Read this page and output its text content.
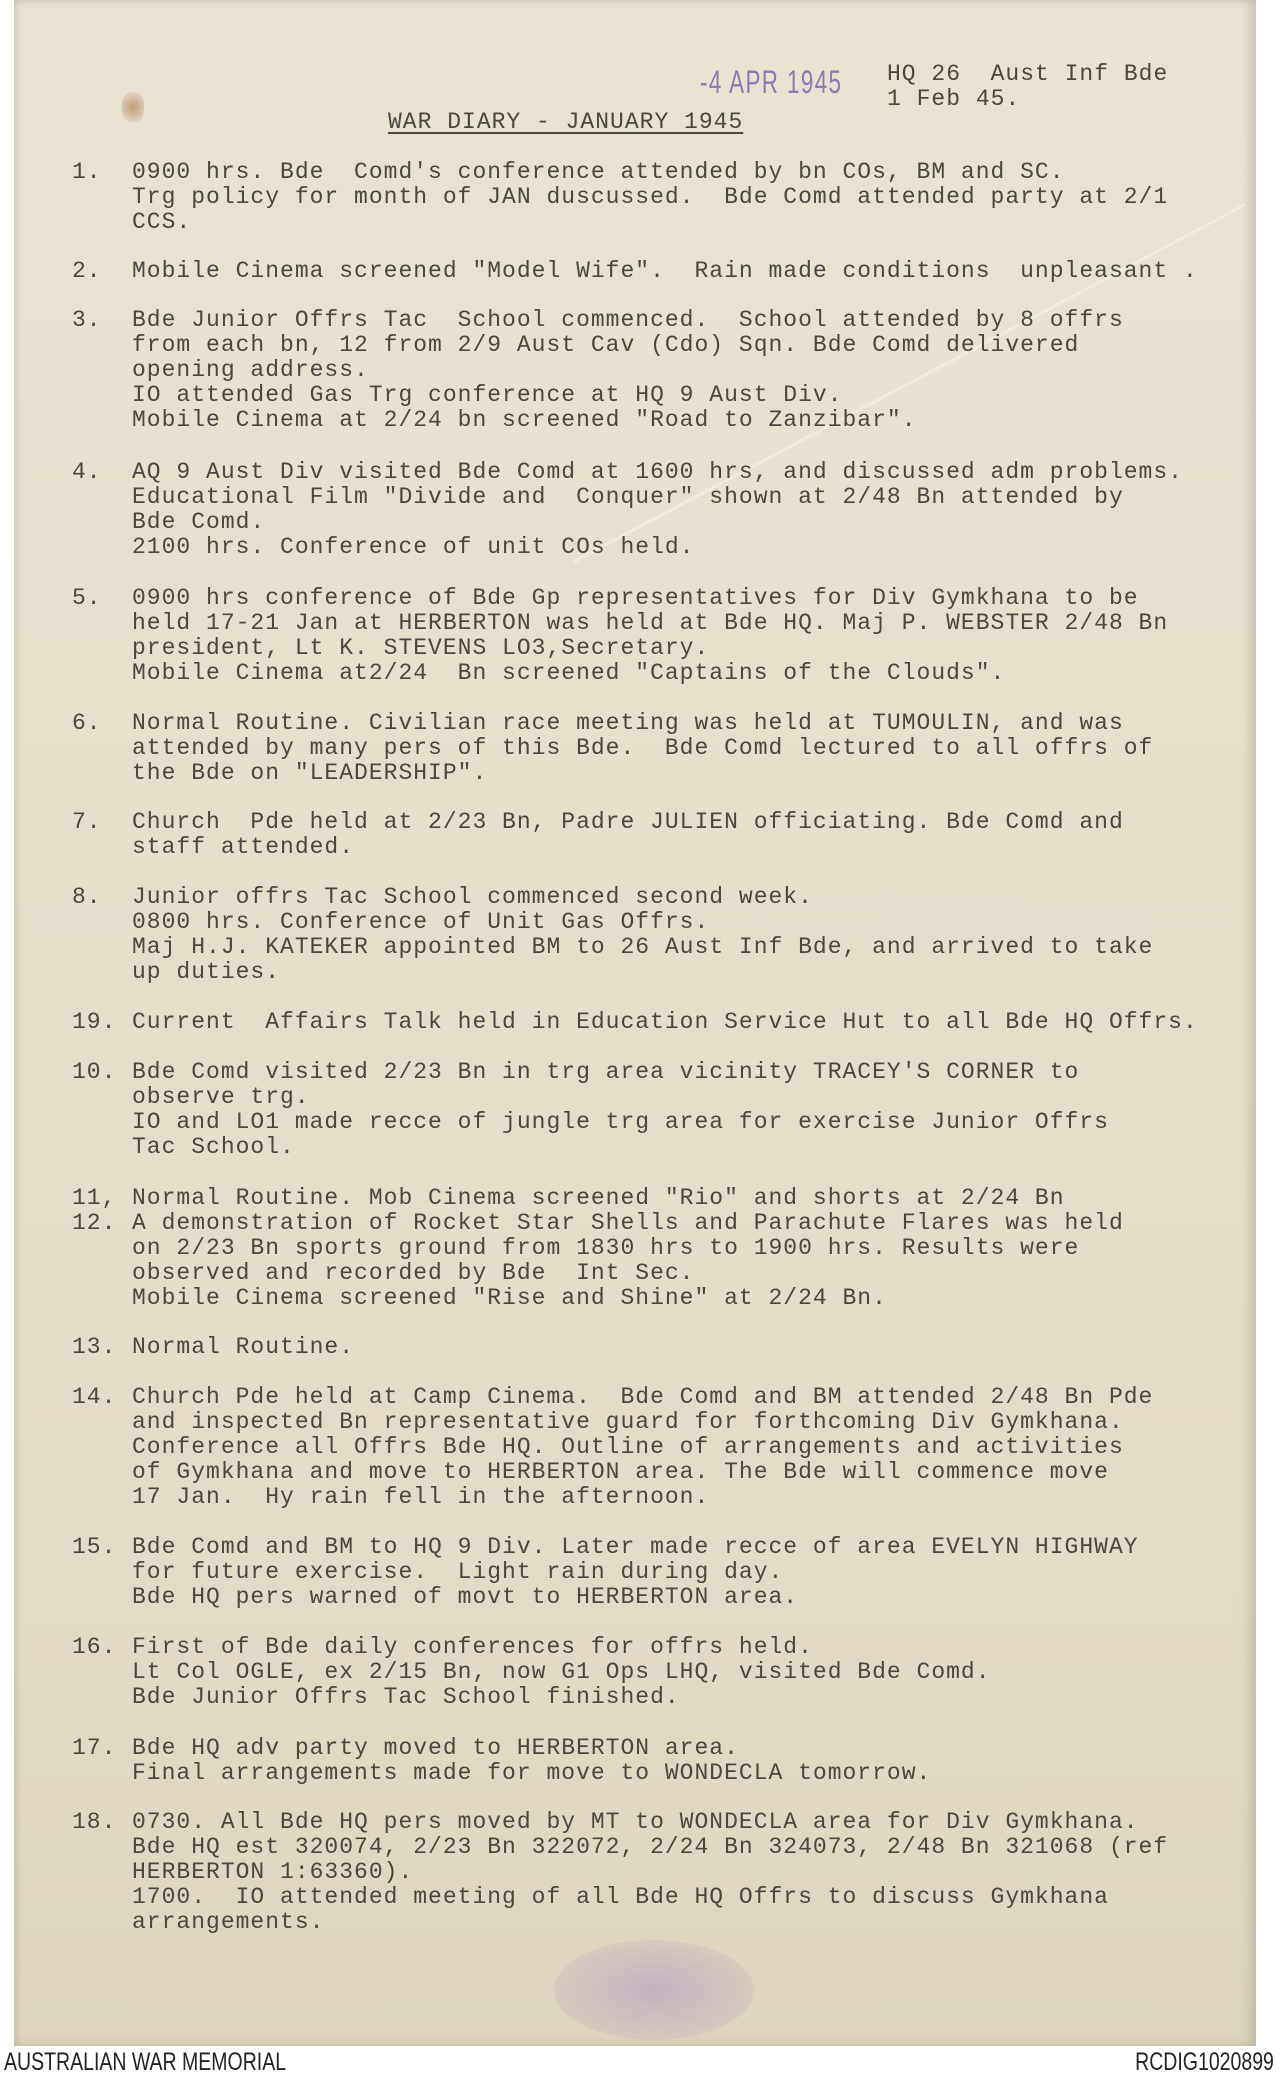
-4 APR 1945 HQ 26  Aust Inf Bde
1 Feb 45.
WAR DIARY - JANUARY 1945
1. 0900 hrs. Bde  Comd's conference attended by bn COs, BM and SC.
Trg policy for month of JAN duscussed.  Bde Comd attended party at 2/1
CCS.
2. Mobile Cinema screened "Model Wife".  Rain made conditions  unpleasant .
3. Bde Junior Offrs Tac  School commenced.  School attended by 8 offrs
from each bn, 12 from 2/9 Aust Cav (Cdo) Sqn. Bde Comd delivered
opening address.
IO attended Gas Trg conference at HQ 9 Aust Div.
Mobile Cinema at 2/24 bn screened "Road to Zanzibar".
4. AQ 9 Aust Div visited Bde Comd at 1600 hrs, and discussed adm problems.
Educational Film "Divide and  Conquer" shown at 2/48 Bn attended by
Bde Comd.
2100 hrs. Conference of unit COs held.
5. 0900 hrs conference of Bde Gp representatives for Div Gymkhana to be
held 17-21 Jan at HERBERTON was held at Bde HQ. Maj P. WEBSTER 2/48 Bn
president, Lt K. STEVENS LO3,Secretary.
Mobile Cinema at2/24  Bn screened "Captains of the Clouds".
6. Normal Routine. Civilian race meeting was held at TUMOULIN, and was
attended by many pers of this Bde.  Bde Comd lectured to all offrs of
the Bde on "LEADERSHIP".
7. Church  Pde held at 2/23 Bn, Padre JULIEN officiating. Bde Comd and
staff attended.
8. Junior offrs Tac School commenced second week.
0800 hrs. Conference of Unit Gas Offrs.
Maj H.J. KATEKER appointed BM to 26 Aust Inf Bde, and arrived to take
up duties.
19. Current  Affairs Talk held in Education Service Hut to all Bde HQ Offrs.
10. Bde Comd visited 2/23 Bn in trg area vicinity TRACEY'S CORNER to
observe trg.
IO and LO1 made recce of jungle trg area for exercise Junior Offrs
Tac School.
11, Normal Routine. Mob Cinema screened "Rio" and shorts at 2/24 Bn
12. A demonstration of Rocket Star Shells and Parachute Flares was held
on 2/23 Bn sports ground from 1830 hrs to 1900 hrs. Results were
observed and recorded by Bde  Int Sec.
Mobile Cinema screened "Rise and Shine" at 2/24 Bn.
13. Normal Routine.
14. Church Pde held at Camp Cinema.  Bde Comd and BM attended 2/48 Bn Pde
and inspected Bn representative guard for forthcoming Div Gymkhana.
Conference all Offrs Bde HQ. Outline of arrangements and activities
of Gymkhana and move to HERBERTON area. The Bde will commence move
17 Jan.  Hy rain fell in the afternoon.
15. Bde Comd and BM to HQ 9 Div. Later made recce of area EVELYN HIGHWAY
for future exercise.  Light rain during day.
Bde HQ pers warned of movt to HERBERTON area.
16. First of Bde daily conferences for offrs held.
Lt Col OGLE, ex 2/15 Bn, now G1 Ops LHQ, visited Bde Comd.
Bde Junior Offrs Tac School finished.
17. Bde HQ adv party moved to HERBERTON area.
Final arrangements made for move to WONDECLA tomorrow.
18. 0730. All Bde HQ pers moved by MT to WONDECLA area for Div Gymkhana.
Bde HQ est 320074, 2/23 Bn 322072, 2/24 Bn 324073, 2/48 Bn 321068 (ref
HERBERTON 1:63360).
1700.  IO attended meeting of all Bde HQ Offrs to discuss Gymkhana
arrangements.
AUSTRALIAN WAR MEMORIAL	RCDIG1020899
